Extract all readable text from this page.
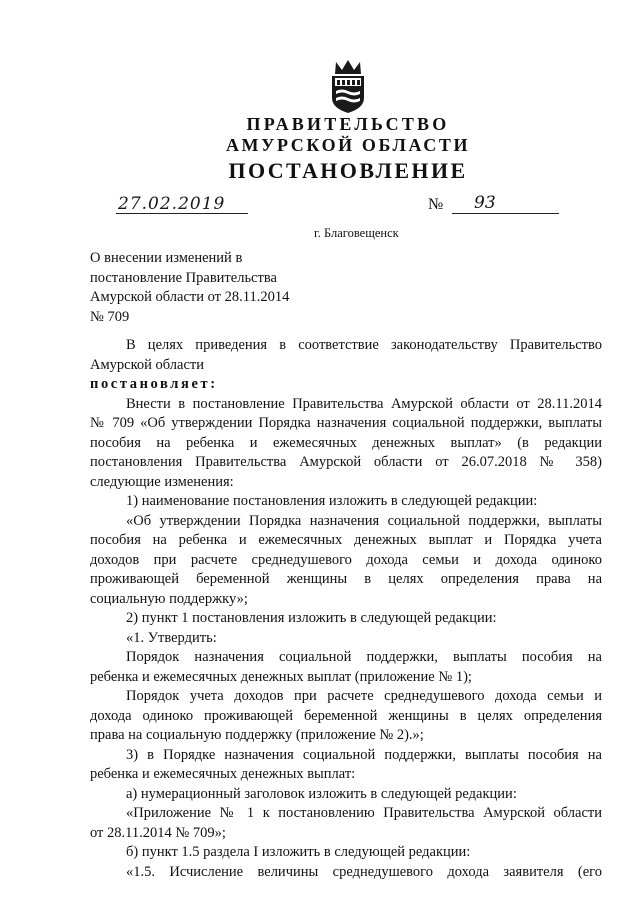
ПРАВИТЕЛЬСТВО
АМУРСКОЙ ОБЛАСТИ
ПОСТАНОВЛЕНИЕ
27.02.2019	№ 93
г. Благовещенск
О внесении изменений в
постановление Правительства
Амурской области от 28.11.2014
№ 709
В целях приведения в соответствие законодательству Правительство
Амурской области
постановляет:
Внести в постановление Правительства Амурской области от 28.11.2014
№ 709 «Об утверждении Порядка назначения социальной поддержки, выплаты
пособия на ребенка и ежемесячных денежных выплат» (в редакции
постановления Правительства Амурской области от 26.07.2018 № 358)
следующие изменения:
1) наименование постановления изложить в следующей редакции:
«Об утверждении Порядка назначения социальной поддержки, выплаты
пособия на ребенка и ежемесячных денежных выплат и Порядка учета
доходов при расчете среднедушевого дохода семьи и дохода одиноко
проживающей беременной женщины в целях определения права на
социальную поддержку»;
2) пункт 1 постановления изложить в следующей редакции:
«1. Утвердить:
Порядок назначения социальной поддержки, выплаты пособия на
ребенка и ежемесячных денежных выплат (приложение № 1);
Порядок учета доходов при расчете среднедушевого дохода семьи и
дохода одиноко проживающей беременной женщины в целях определения
права на социальную поддержку (приложение № 2).»;
3) в Порядке назначения социальной поддержки, выплаты пособия на
ребенка и ежемесячных денежных выплат:
а) нумерационный заголовок изложить в следующей редакции:
«Приложение № 1 к постановлению Правительства Амурской области
от 28.11.2014 № 709»;
б) пункт 1.5 раздела I изложить в следующей редакции:
«1.5. Исчисление величины среднедушевого дохода заявителя (его
